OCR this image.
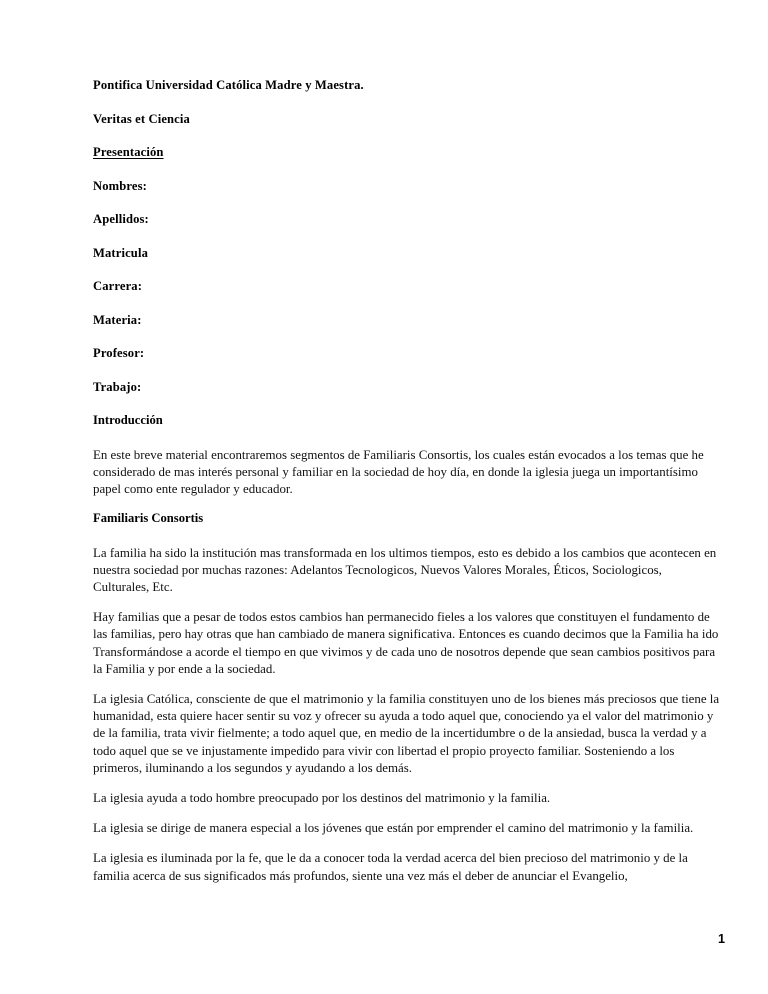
Pontifica Universidad Católica Madre y Maestra.

Veritas et Ciencia

Presentación

Nombres:

Apellidos:

Matricula

Carrera:

Materia:

Profesor:

Trabajo:

Introducción

En este breve material encontraremos segmentos de Familiaris Consortis, los cuales están evocados a los temas que he considerado de mas interés personal y familiar en la sociedad de hoy día, en donde la iglesia juega un importantísimo papel como ente regulador y educador.

Familiaris Consortis

La familia ha sido la institución mas transformada en los ultimos tiempos, esto es debido a los cambios que acontecen en nuestra sociedad por muchas razones: Adelantos Tecnologicos, Nuevos Valores Morales, Éticos, Sociologicos, Culturales, Etc.

Hay familias que a pesar de todos estos cambios han permanecido fieles a los valores que constituyen el fundamento de las familias, pero hay otras que han cambiado de manera significativa. Entonces es cuando decimos que la Familia ha ido Transformándose a acorde el tiempo en que vivimos y de cada uno de nosotros depende que sean cambios positivos para la Familia y por ende a la sociedad.

La iglesia Católica, consciente de que el matrimonio y la familia constituyen uno de los bienes más preciosos que tiene la humanidad, esta quiere hacer sentir su voz y ofrecer su ayuda a todo aquel que, conociendo ya el valor del matrimonio y de la familia, trata vivir fielmente; a todo aquel que, en medio de la incertidumbre o de la ansiedad, busca la verdad y a todo aquel que se ve injustamente impedido para vivir con libertad el propio proyecto familiar. Sosteniendo a los primeros, iluminando a los segundos y ayudando a los demás.

La iglesia ayuda a todo hombre preocupado por los destinos del matrimonio y la familia.

La iglesia se dirige de manera especial a los jóvenes que están por emprender el camino del matrimonio y la familia.

La iglesia es iluminada por la fe, que le da a conocer toda la verdad acerca del bien precioso del matrimonio y de la familia acerca de sus significados más profundos, siente una vez más el deber de anunciar el Evangelio,

1
